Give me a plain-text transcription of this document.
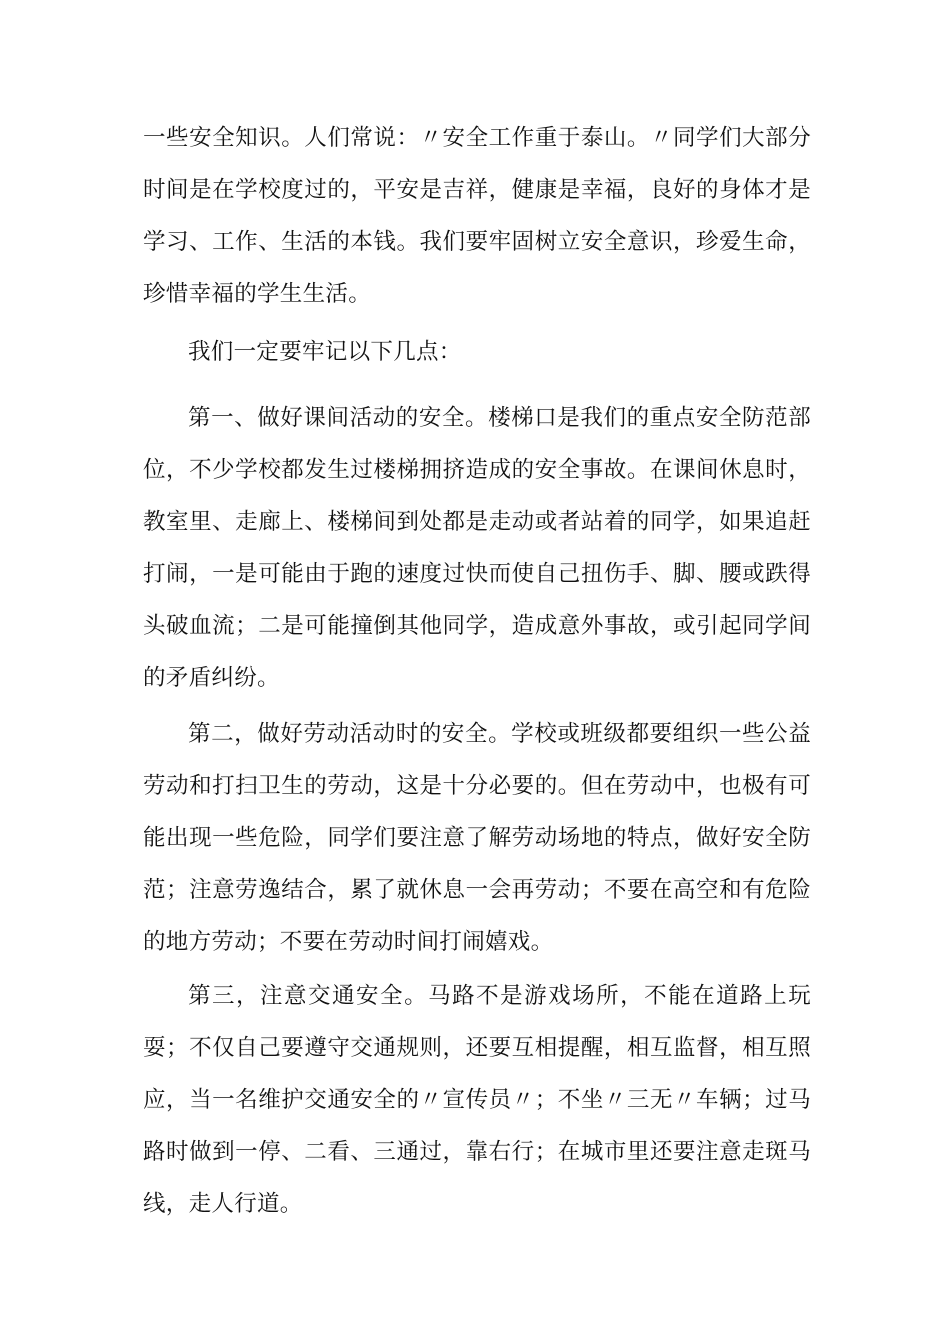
一些安全知识。人们常说：〃安全工作重于泰山。〃同学们大部分时间是在学校度过的，平安是吉祥，健康是幸福，良好的身体才是学习、工作、生活的本钱。我们要牢固树立安全意识，珍爱生命，珍惜幸福的学生生活。

我们一定要牢记以下几点：

第一、做好课间活动的安全。楼梯口是我们的重点安全防范部位，不少学校都发生过楼梯拥挤造成的安全事故。在课间休息时，教室里、走廊上、楼梯间到处都是走动或者站着的同学，如果追赶打闹，一是可能由于跑的速度过快而使自己扭伤手、脚、腰或跌得头破血流；二是可能撞倒其他同学，造成意外事故，或引起同学间的矛盾纠纷。

第二，做好劳动活动时的安全。学校或班级都要组织一些公益劳动和打扫卫生的劳动，这是十分必要的。但在劳动中，也极有可能出现一些危险，同学们要注意了解劳动场地的特点，做好安全防范；注意劳逸结合，累了就休息一会再劳动；不要在高空和有危险的地方劳动；不要在劳动时间打闹嬉戏。

第三，注意交通安全。马路不是游戏场所，不能在道路上玩耍；不仅自己要遵守交通规则，还要互相提醒，相互监督，相互照应，当一名维护交通安全的〃宣传员〃；不坐〃三无〃车辆；过马路时做到一停、二看、三通过，靠右行；在城市里还要注意走斑马线，走人行道。
